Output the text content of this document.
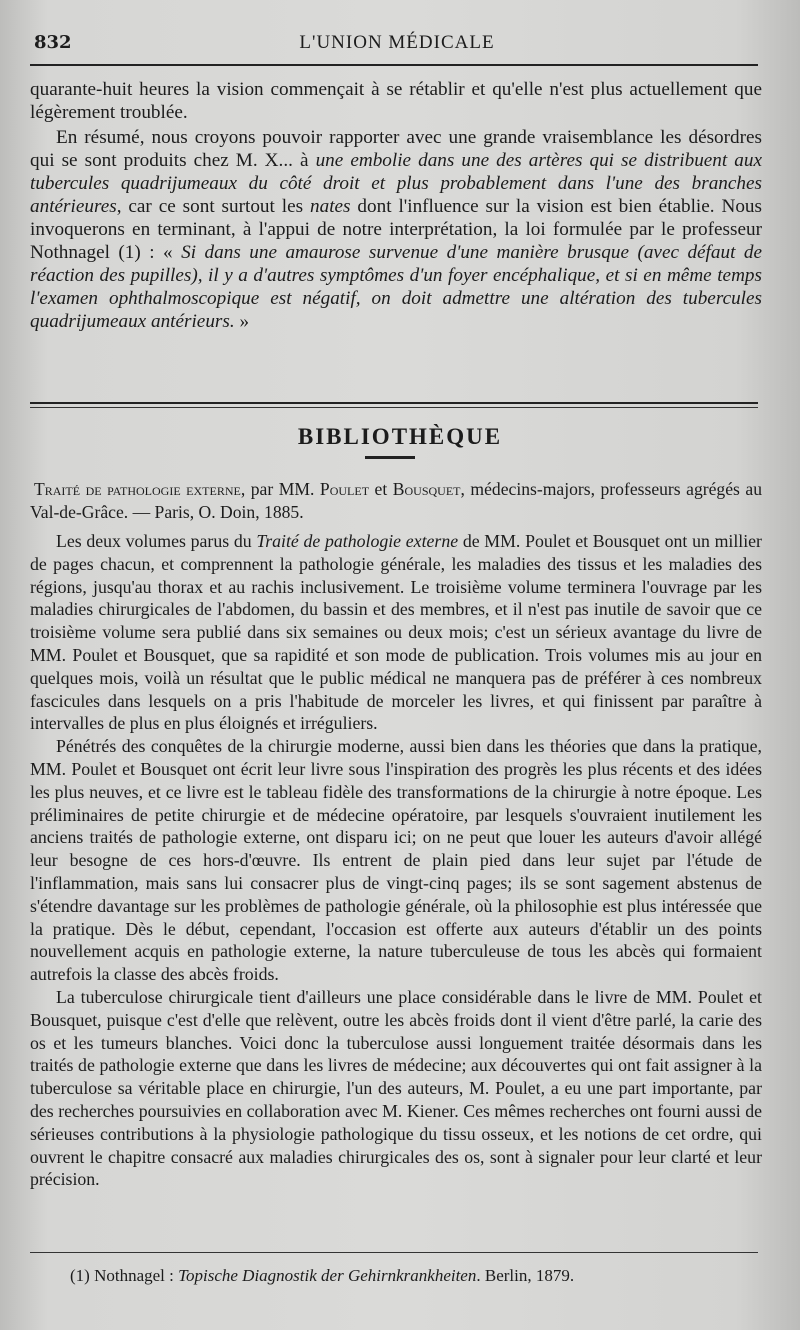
832	L'UNION MÉDICALE

quarante-huit heures la vision commençait à se rétablir et qu'elle n'est plus actuellement que légèrement troublée.

En résumé, nous croyons pouvoir rapporter avec une grande vraisemblance les désordres qui se sont produits chez M. X... à une embolie dans une des artères qui se distribuent aux tubercules quadrijumeaux du côté droit et plus probablement dans l'une des branches antérieures, car ce sont surtout les nates dont l'influence sur la vision est bien établie. Nous invoquerons en terminant, à l'appui de notre interprétation, la loi formulée par le professeur Nothnagel (1) : « Si dans une amaurose survenue d'une manière brusque (avec défaut de réaction des pupilles), il y a d'autres symptômes d'un foyer encéphalique, et si en même temps l'examen ophthalmoscopique est négatif, on doit admettre une altération des tubercules quadrijumeaux antérieurs. »

BIBLIOTHÈQUE
Traité de pathologie externe, par MM. Poulet et Bousquet, médecins-majors, professeurs agrégés au Val-de-Grâce. — Paris, O. Doin, 1885.

Les deux volumes parus du Traité de pathologie externe de MM. Poulet et Bousquet ont un millier de pages chacun, et comprennent la pathologie générale, les maladies des tissus et les maladies des régions, jusqu'au thorax et au rachis inclusivement. Le troisième volume terminera l'ouvrage par les maladies chirurgicales de l'abdomen, du bassin et des membres, et il n'est pas inutile de savoir que ce troisième volume sera publié dans six semaines ou deux mois; c'est un sérieux avantage du livre de MM. Poulet et Bousquet, que sa rapidité et son mode de publication. Trois volumes mis au jour en quelques mois, voilà un résultat que le public médical ne manquera pas de préférer à ces nombreux fascicules dans lesquels on a pris l'habitude de morceler les livres, et qui finissent par paraître à intervalles de plus en plus éloignés et irréguliers.

Pénétrés des conquêtes de la chirurgie moderne, aussi bien dans les théories que dans la pratique, MM. Poulet et Bousquet ont écrit leur livre sous l'inspiration des progrès les plus récents et des idées les plus neuves, et ce livre est le tableau fidèle des transformations de la chirurgie à notre époque. Les préliminaires de petite chirurgie et de médecine opératoire, par lesquels s'ouvraient inutilement les anciens traités de pathologie externe, ont disparu ici; on ne peut que louer les auteurs d'avoir allégé leur besogne de ces hors-d'œuvre. Ils entrent de plain pied dans leur sujet par l'étude de l'inflammation, mais sans lui consacrer plus de vingt-cinq pages; ils se sont sagement abstenus de s'étendre davantage sur les problèmes de pathologie générale, où la philosophie est plus intéressée que la pratique. Dès le début, cependant, l'occasion est offerte aux auteurs d'établir un des points nouvellement acquis en pathologie externe, la nature tuberculeuse de tous les abcès qui formaient autrefois la classe des abcès froids.

La tuberculose chirurgicale tient d'ailleurs une place considérable dans le livre de MM. Poulet et Bousquet, puisque c'est d'elle que relèvent, outre les abcès froids dont il vient d'être parlé, la carie des os et les tumeurs blanches. Voici donc la tuberculose aussi longuement traitée désormais dans les traités de pathologie externe que dans les livres de médecine; aux découvertes qui ont fait assigner à la tuberculose sa véritable place en chirurgie, l'un des auteurs, M. Poulet, a eu une part importante, par des recherches poursuivies en collaboration avec M. Kiener. Ces mêmes recherches ont fourni aussi de sérieuses contributions à la physiologie pathologique du tissu osseux, et les notions de cet ordre, qui ouvrent le chapitre consacré aux maladies chirurgicales des os, sont à signaler pour leur clarté et leur précision.

(1) Nothnagel : Topische Diagnostik der Gehirnkrankheiten. Berlin, 1879.
